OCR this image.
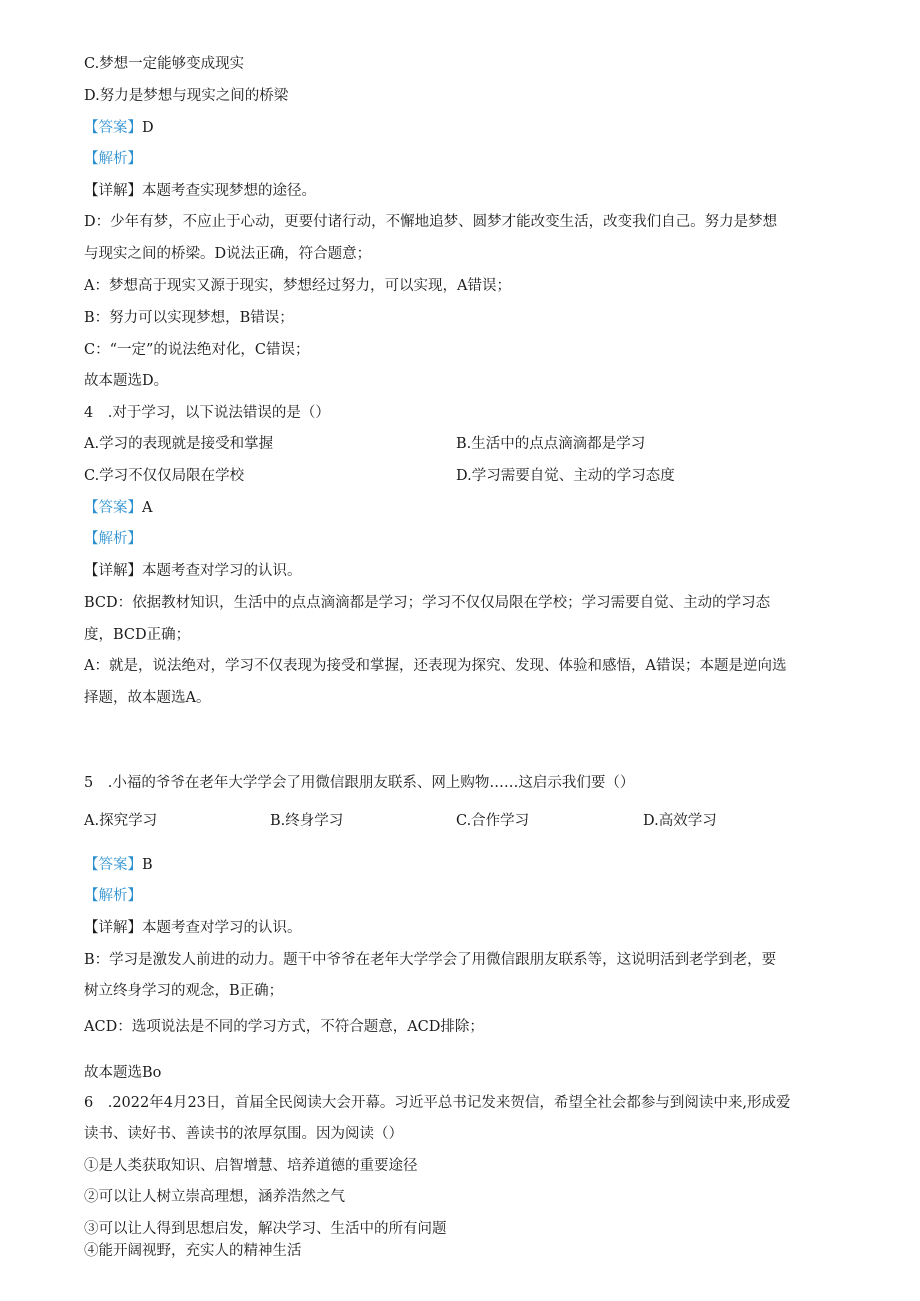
C.梦想一定能够变成现实
D.努力是梦想与现实之间的桥梁
【答案】D
【解析】
【详解】本题考查实现梦想的途径。
D：少年有梦，不应止于心动，更要付诸行动，不懈地追梦、圆梦才能改变生活，改变我们自己。努力是梦想
与现实之间的桥梁。D说法正确，符合题意；
A：梦想高于现实又源于现实，梦想经过努力，可以实现，A错误；
B：努力可以实现梦想，B错误；
C：“一定”的说法绝对化，C错误；
故本题选D。
4　.对于学习，以下说法错误的是（）
A.学习的表现就是接受和掌握	B.生活中的点点滴滴都是学习
C.学习不仅仅局限在学校	D.学习需要自觉、主动的学习态度
【答案】A
【解析】
【详解】本题考查对学习的认识。
BCD：依据教材知识，生活中的点点滴滴都是学习；学习不仅仅局限在学校；学习需要自觉、主动的学习态
度，BCD正确；
A：就是，说法绝对，学习不仅表现为接受和掌握，还表现为探究、发现、体验和感悟，A错误；本题是逆向选
择题，故本题选A。
5　.小福的爷爷在老年大学学会了用微信跟朋友联系、网上购物……这启示我们要（）
A.探究学习	B.终身学习	C.合作学习	D.高效学习
【答案】B
【解析】
【详解】本题考查对学习的认识。
B：学习是激发人前进的动力。题干中爷爷在老年大学学会了用微信跟朋友联系等，这说明活到老学到老，要
树立终身学习的观念，B正确；
ACD：选项说法是不同的学习方式，不符合题意，ACD排除；
故本题选Bo
6　.2022年4月23日，首届全民阅读大会开幕。习近平总书记发来贺信，希望全社会都参与到阅读中来,形成爱
读书、读好书、善读书的浓厚氛围。因为阅读（）
①是人类获取知识、启智增慧、培养道德的重要途径
②可以让人树立崇高理想，涵养浩然之气
③可以让人得到思想启发，解决学习、生活中的所有问题
④能开阔视野，充实人的精神生活
